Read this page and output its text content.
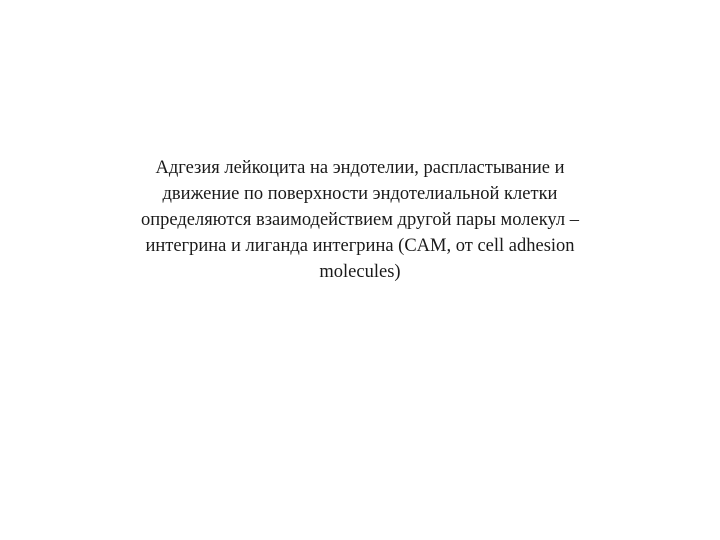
Адгезия лейкоцита на эндотелии, распластывание и
движение по поверхности эндотелиальной клетки
определяются взаимодействием другой пары молекул –
интегрина и лиганда интегрина (CAM, от cell adhesion
molecules)
